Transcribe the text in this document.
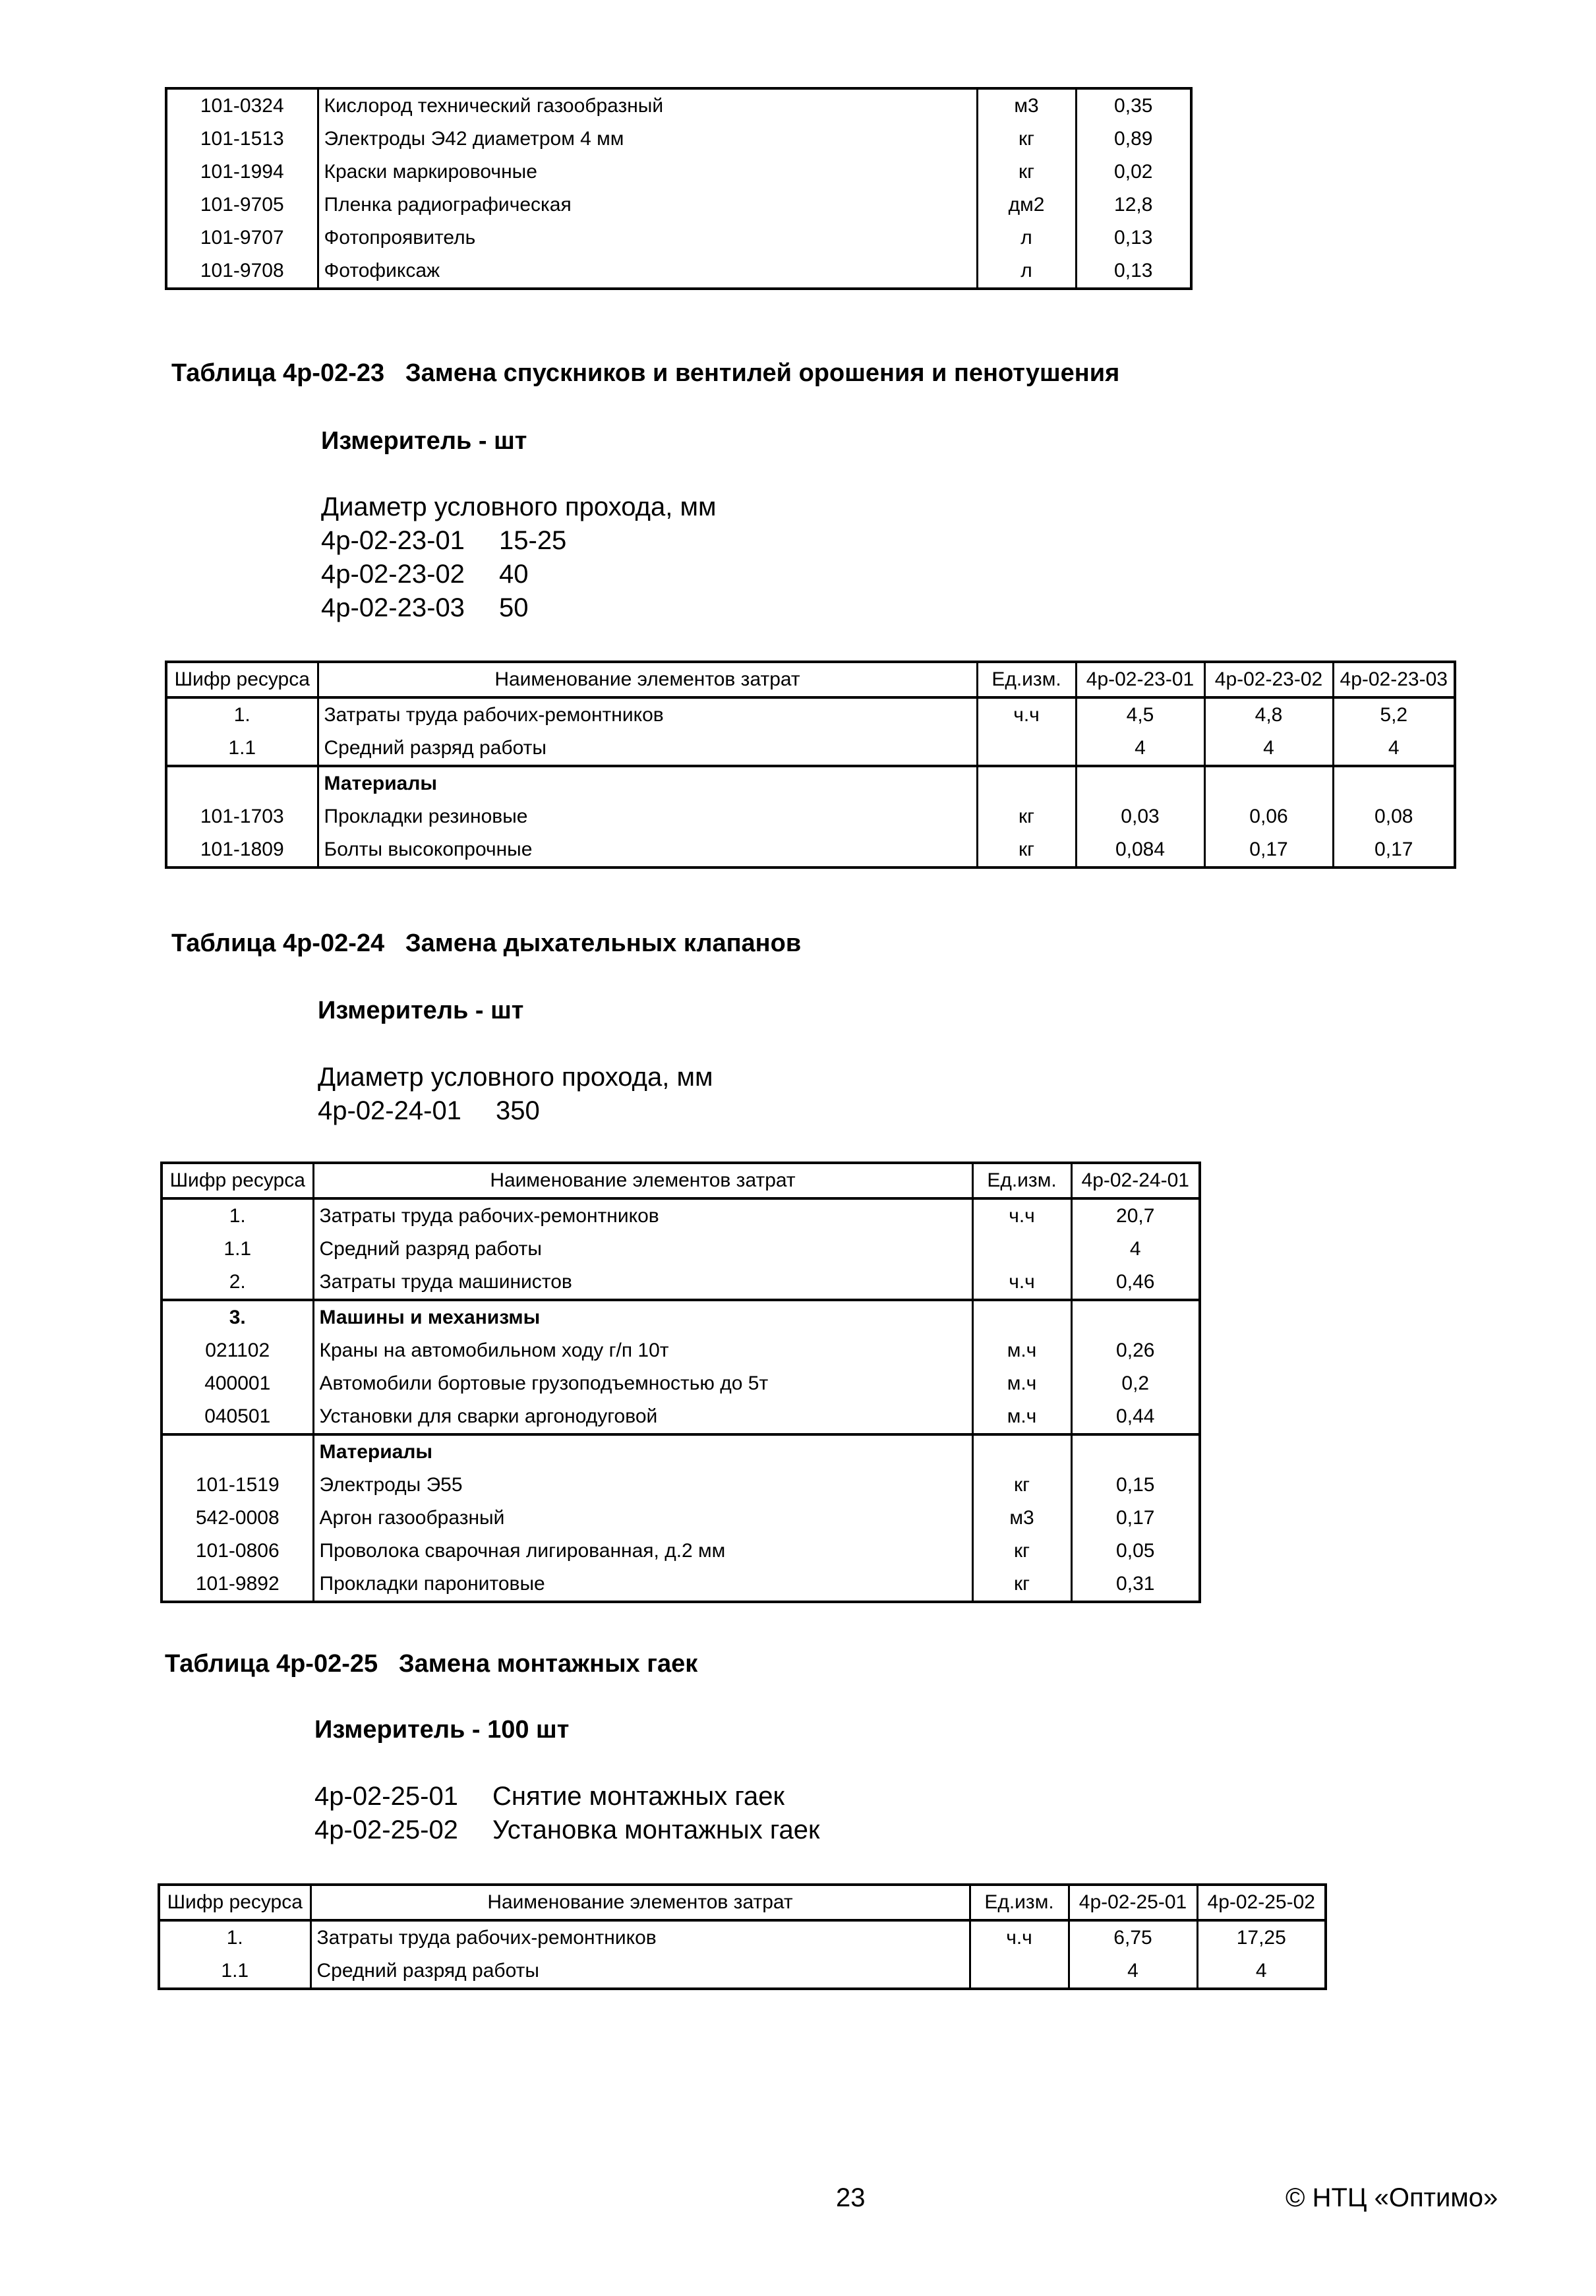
101-0324	Кислород технический газообразный	м3	0,35
101-1513	Электроды Э42 диаметром 4 мм	кг	0,89
101-1994	Краски маркировочные	кг	0,02
101-9705	Пленка радиографическая	дм2	12,8
101-9707	Фотопроявитель	л	0,13
101-9708	Фотофиксаж	л	0,13
Таблица 4р-02-23 Замена спускников и вентилей орошения и пенотушения
Измеритель - шт
Диаметр условного прохода, мм
4р-02-23-01 15-25
4р-02-23-02 40
4р-02-23-03 50
Шифр ресурса	Наименование элементов затрат	Ед.изм.	4р-02-23-01	4р-02-23-02	4р-02-23-03
1.	Затраты труда рабочих-ремонтников	ч.ч	4,5	4,8	5,2
1.1	Средний разряд работы		4	4	4
	Материалы				
101-1703	Прокладки резиновые	кг	0,03	0,06	0,08
101-1809	Болты высокопрочные	кг	0,084	0,17	0,17
Таблица 4р-02-24 Замена дыхательных клапанов
Измеритель - шт
Диаметр условного прохода, мм
4р-02-24-01 350
Шифр ресурса	Наименование элементов затрат	Ед.изм.	4р-02-24-01
1.	Затраты труда рабочих-ремонтников	ч.ч	20,7
1.1	Средний разряд работы		4
2.	Затраты труда машинистов	ч.ч	0,46
3.	Машины и механизмы		
021102	Краны на автомобильном ходу г/п 10т	м.ч	0,26
400001	Автомобили бортовые грузоподъемностью до 5т	м.ч	0,2
040501	Установки для сварки аргонодуговой	м.ч	0,44
	Материалы		
101-1519	Электроды Э55	кг	0,15
542-0008	Аргон газообразный	м3	0,17
101-0806	Проволока сварочная лигированная, д.2 мм	кг	0,05
101-9892	Прокладки паронитовые	кг	0,31
Таблица 4р-02-25 Замена монтажных гаек
Измеритель - 100 шт
4р-02-25-01 Снятие монтажных гаек
4р-02-25-02 Установка монтажных гаек
Шифр ресурса	Наименование элементов затрат	Ед.изм.	4р-02-25-01	4р-02-25-02
1.	Затраты труда рабочих-ремонтников	ч.ч	6,75	17,25
1.1	Средний разряд работы		4	4
23	© НТЦ «Оптимо»
